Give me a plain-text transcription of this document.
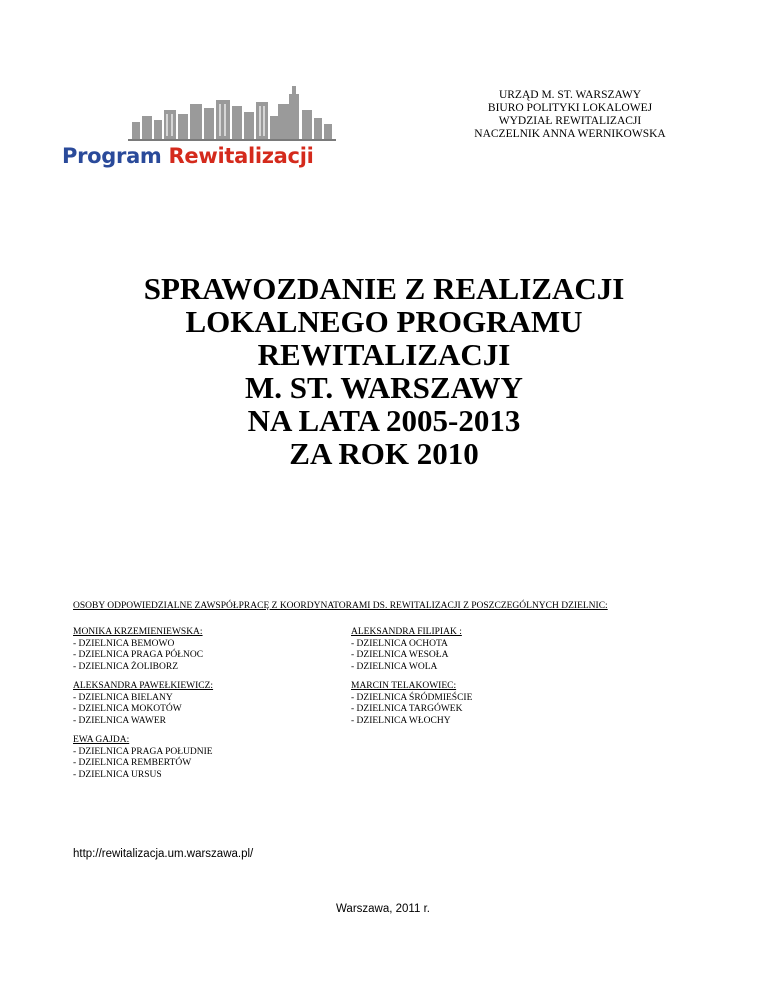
Program Rewitalizacji
URZĄD M. ST. WARSZAWY
BIURO POLITYKI LOKALOWEJ
WYDZIAŁ REWITALIZACJI
NACZELNIK ANNA WERNIKOWSKA
SPRAWOZDANIE Z REALIZACJI
LOKALNEGO PROGRAMU
REWITALIZACJI
M. ST. WARSZAWY
NA LATA 2005-2013
ZA ROK 2010
OSOBY ODPOWIEDZIALNE ZAWSPÓŁPRACĘ Z KOORDYNATORAMI DS. REWITALIZACJI Z POSZCZEGÓLNYCH DZIELNIC:
MONIKA KRZEMIENIEWSKA:
- DZIELNICA BEMOWO
- DZIELNICA PRAGA PÓŁNOC
- DZIELNICA ŻOLIBORZ
ALEKSANDRA FILIPIAK :
- DZIELNICA OCHOTA
- DZIELNICA WESOŁA
- DZIELNICA WOLA
ALEKSANDRA PAWEŁKIEWICZ:
- DZIELNICA BIELANY
- DZIELNICA MOKOTÓW
- DZIELNICA WAWER
MARCIN TELAKOWIEC:
- DZIELNICA ŚRÓDMIEŚCIE
- DZIELNICA TARGÓWEK
- DZIELNICA WŁOCHY
EWA GAJDA:
- DZIELNICA PRAGA POŁUDNIE
- DZIELNICA REMBERTÓW
- DZIELNICA URSUS
http://rewitalizacja.um.warszawa.pl/
Warszawa, 2011 r.
